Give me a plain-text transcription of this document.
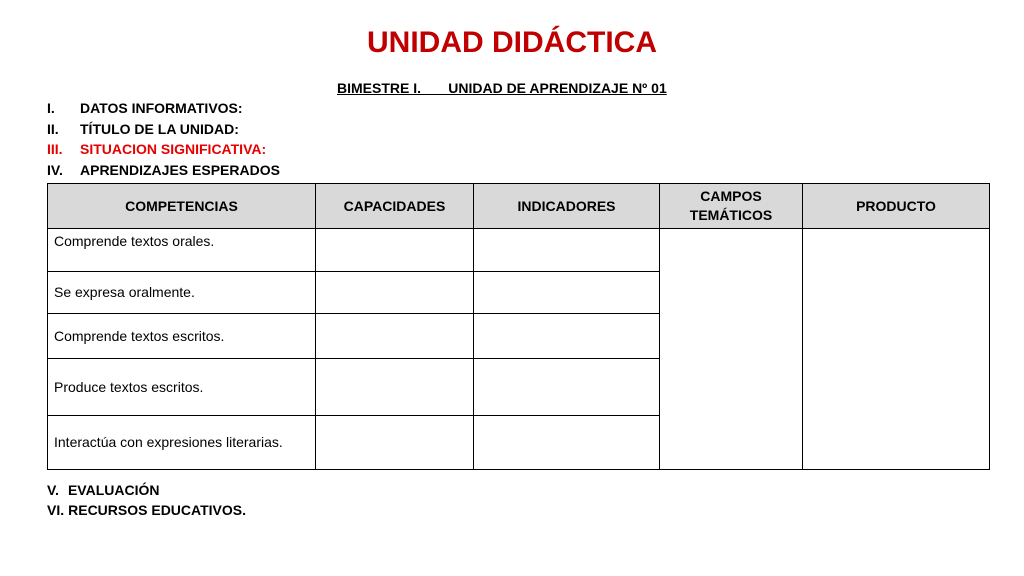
UNIDAD DIDÁCTICA
BIMESTRE I.       UNIDAD DE APRENDIZAJE Nº 01
I. DATOS INFORMATIVOS:
II. TÍTULO DE LA UNIDAD:
III. SITUACION SIGNIFICATIVA:
IV. APRENDIZAJES ESPERADOS
COMPETENCIAS	CAPACIDADES	INDICADORES	CAMPOS TEMÁTICOS	PRODUCTO
Comprende textos orales.				
Se expresa oralmente.				
Comprende textos escritos.				
Produce textos escritos.				
Interactúa con expresiones literarias.				
V. EVALUACIÓN
VI. RECURSOS EDUCATIVOS.
